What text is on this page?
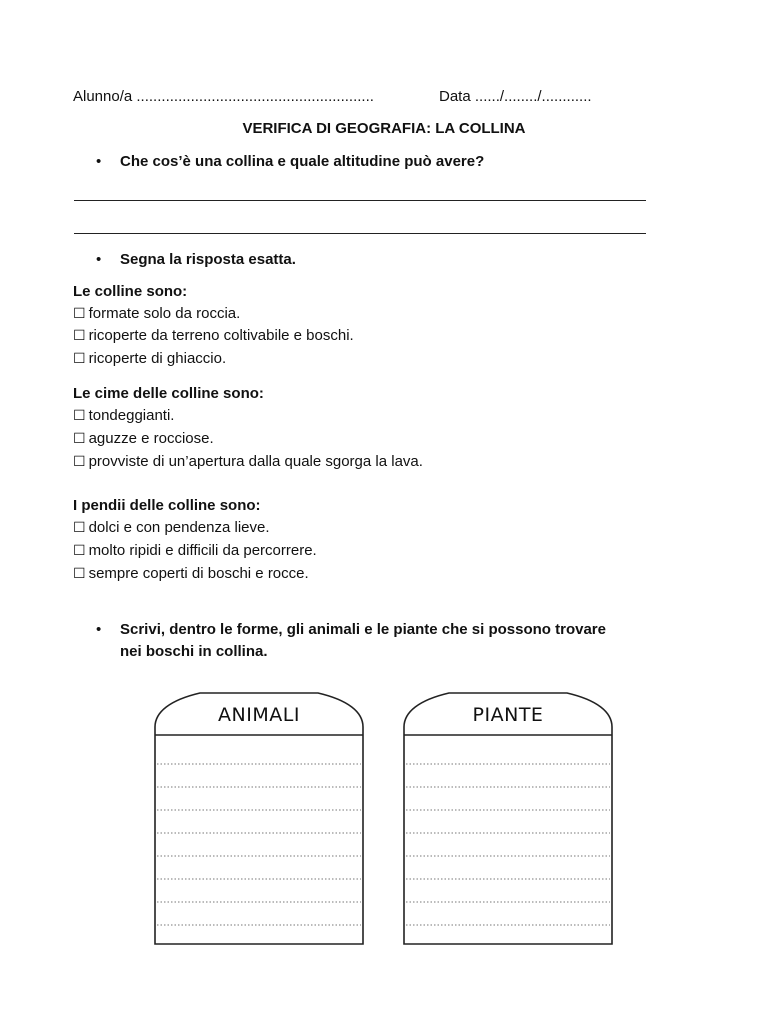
Alunno/a .........................................................	Data ....../......../............
VERIFICA DI GEOGRAFIA: LA COLLINA
• Che cos’è una collina e quale altitudine può avere?
• Segna la risposta esatta.
Le colline sono:
☐ formate solo da roccia.
☐ ricoperte da terreno coltivabile e boschi.
☐ ricoperte di ghiaccio.
Le cime delle colline sono:
☐ tondeggianti.
☐ aguzze e rocciose.
☐ provviste di un’apertura dalla quale sgorga la lava.
I pendii delle colline sono:
☐ dolci e con pendenza lieve.
☐ molto ripidi e difficili da percorrere.
☐ sempre coperti di boschi e rocce.
• Scrivi, dentro le forme, gli animali e le piante che si possono trovare
nei boschi in collina.
ANIMALI	PIANTE
